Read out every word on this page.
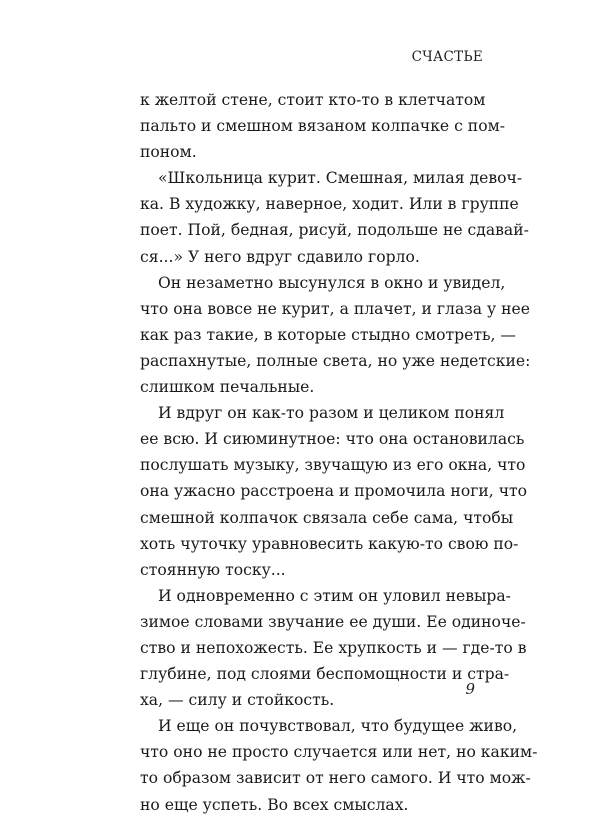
СЧАСТЬЕ
к желтой стене, стоит кто-то в клетчатом
пальто и смешном вязаном колпачке с пом-
поном.
«Школьница курит. Смешная, милая девоч-
ка. В художку, наверное, ходит. Или в группе
поет. Пой, бедная, рисуй, подольше не сдавай-
ся...» У него вдруг сдавило горло.
Он незаметно высунулся в окно и увидел,
что она вовсе не курит, а плачет, и глаза у нее
как раз такие, в которые стыдно смотреть, —
распахнутые, полные света, но уже недетские:
слишком печальные.
И вдруг он как-то разом и целиком понял
ее всю. И сиюминутное: что она остановилась
послушать музыку, звучащую из его окна, что
она ужасно расстроена и промочила ноги, что
смешной колпачок связала себе сама, чтобы
хоть чуточку уравновесить какую-то свою по-
стоянную тоску...
И одновременно с этим он уловил невыра-
зимое словами звучание ее души. Ее одиноче-
ство и непохожесть. Ее хрупкость и — где-то в
глубине, под слоями беспомощности и стра-
ха, — силу и стойкость.
И еще он почувствовал, что будущее живо,
что оно не просто случается или нет, но каким-
то образом зависит от него самого. И что мож-
но еще успеть. Во всех смыслах.
9
